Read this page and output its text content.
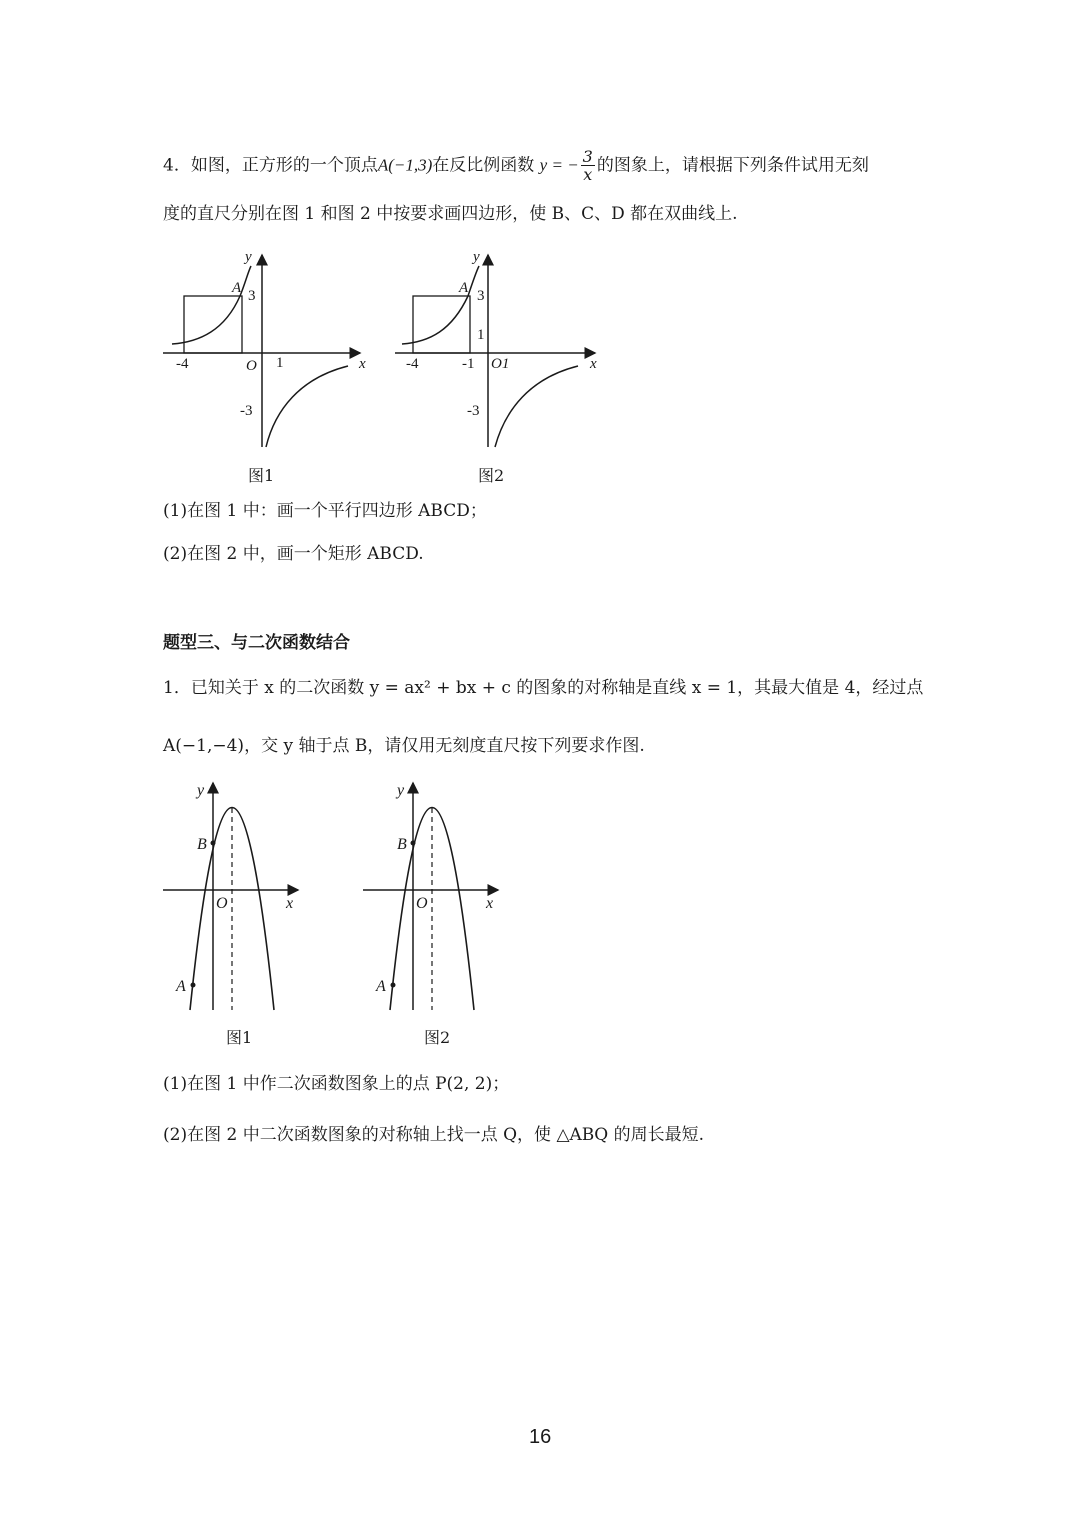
4．如图，正方形的一个顶点A(−1,3)在反比例函数 y = − $\frac{3}{x}$ 的图象上，请根据下列条件试用无刻
度的直尺分别在图 1 和图 2 中按要求画四边形，使 B、C、D 都在双曲线上.
y
x
A 3
-4	O 1
-3
图1
y
x
A 3
1
-4	-1 O1
-3
图2
(1)在图 1 中：画一个平行四边形 ABCD；
(2)在图 2 中，画一个矩形 ABCD.
题型三、与二次函数结合
1．已知关于 x 的二次函数 y = ax² + bx + c 的图象的对称轴是直线 x = 1，其最大值是 4，经过点
A(−1,−4)，交 y 轴于点 B，请仅用无刻度直尺按下列要求作图.
y
B
O	x
A
图1
y
B
O	x
A
图2
(1)在图 1 中作二次函数图象上的点 P(2, 2)；
(2)在图 2 中二次函数图象的对称轴上找一点 Q，使 △ABQ 的周长最短.
16
